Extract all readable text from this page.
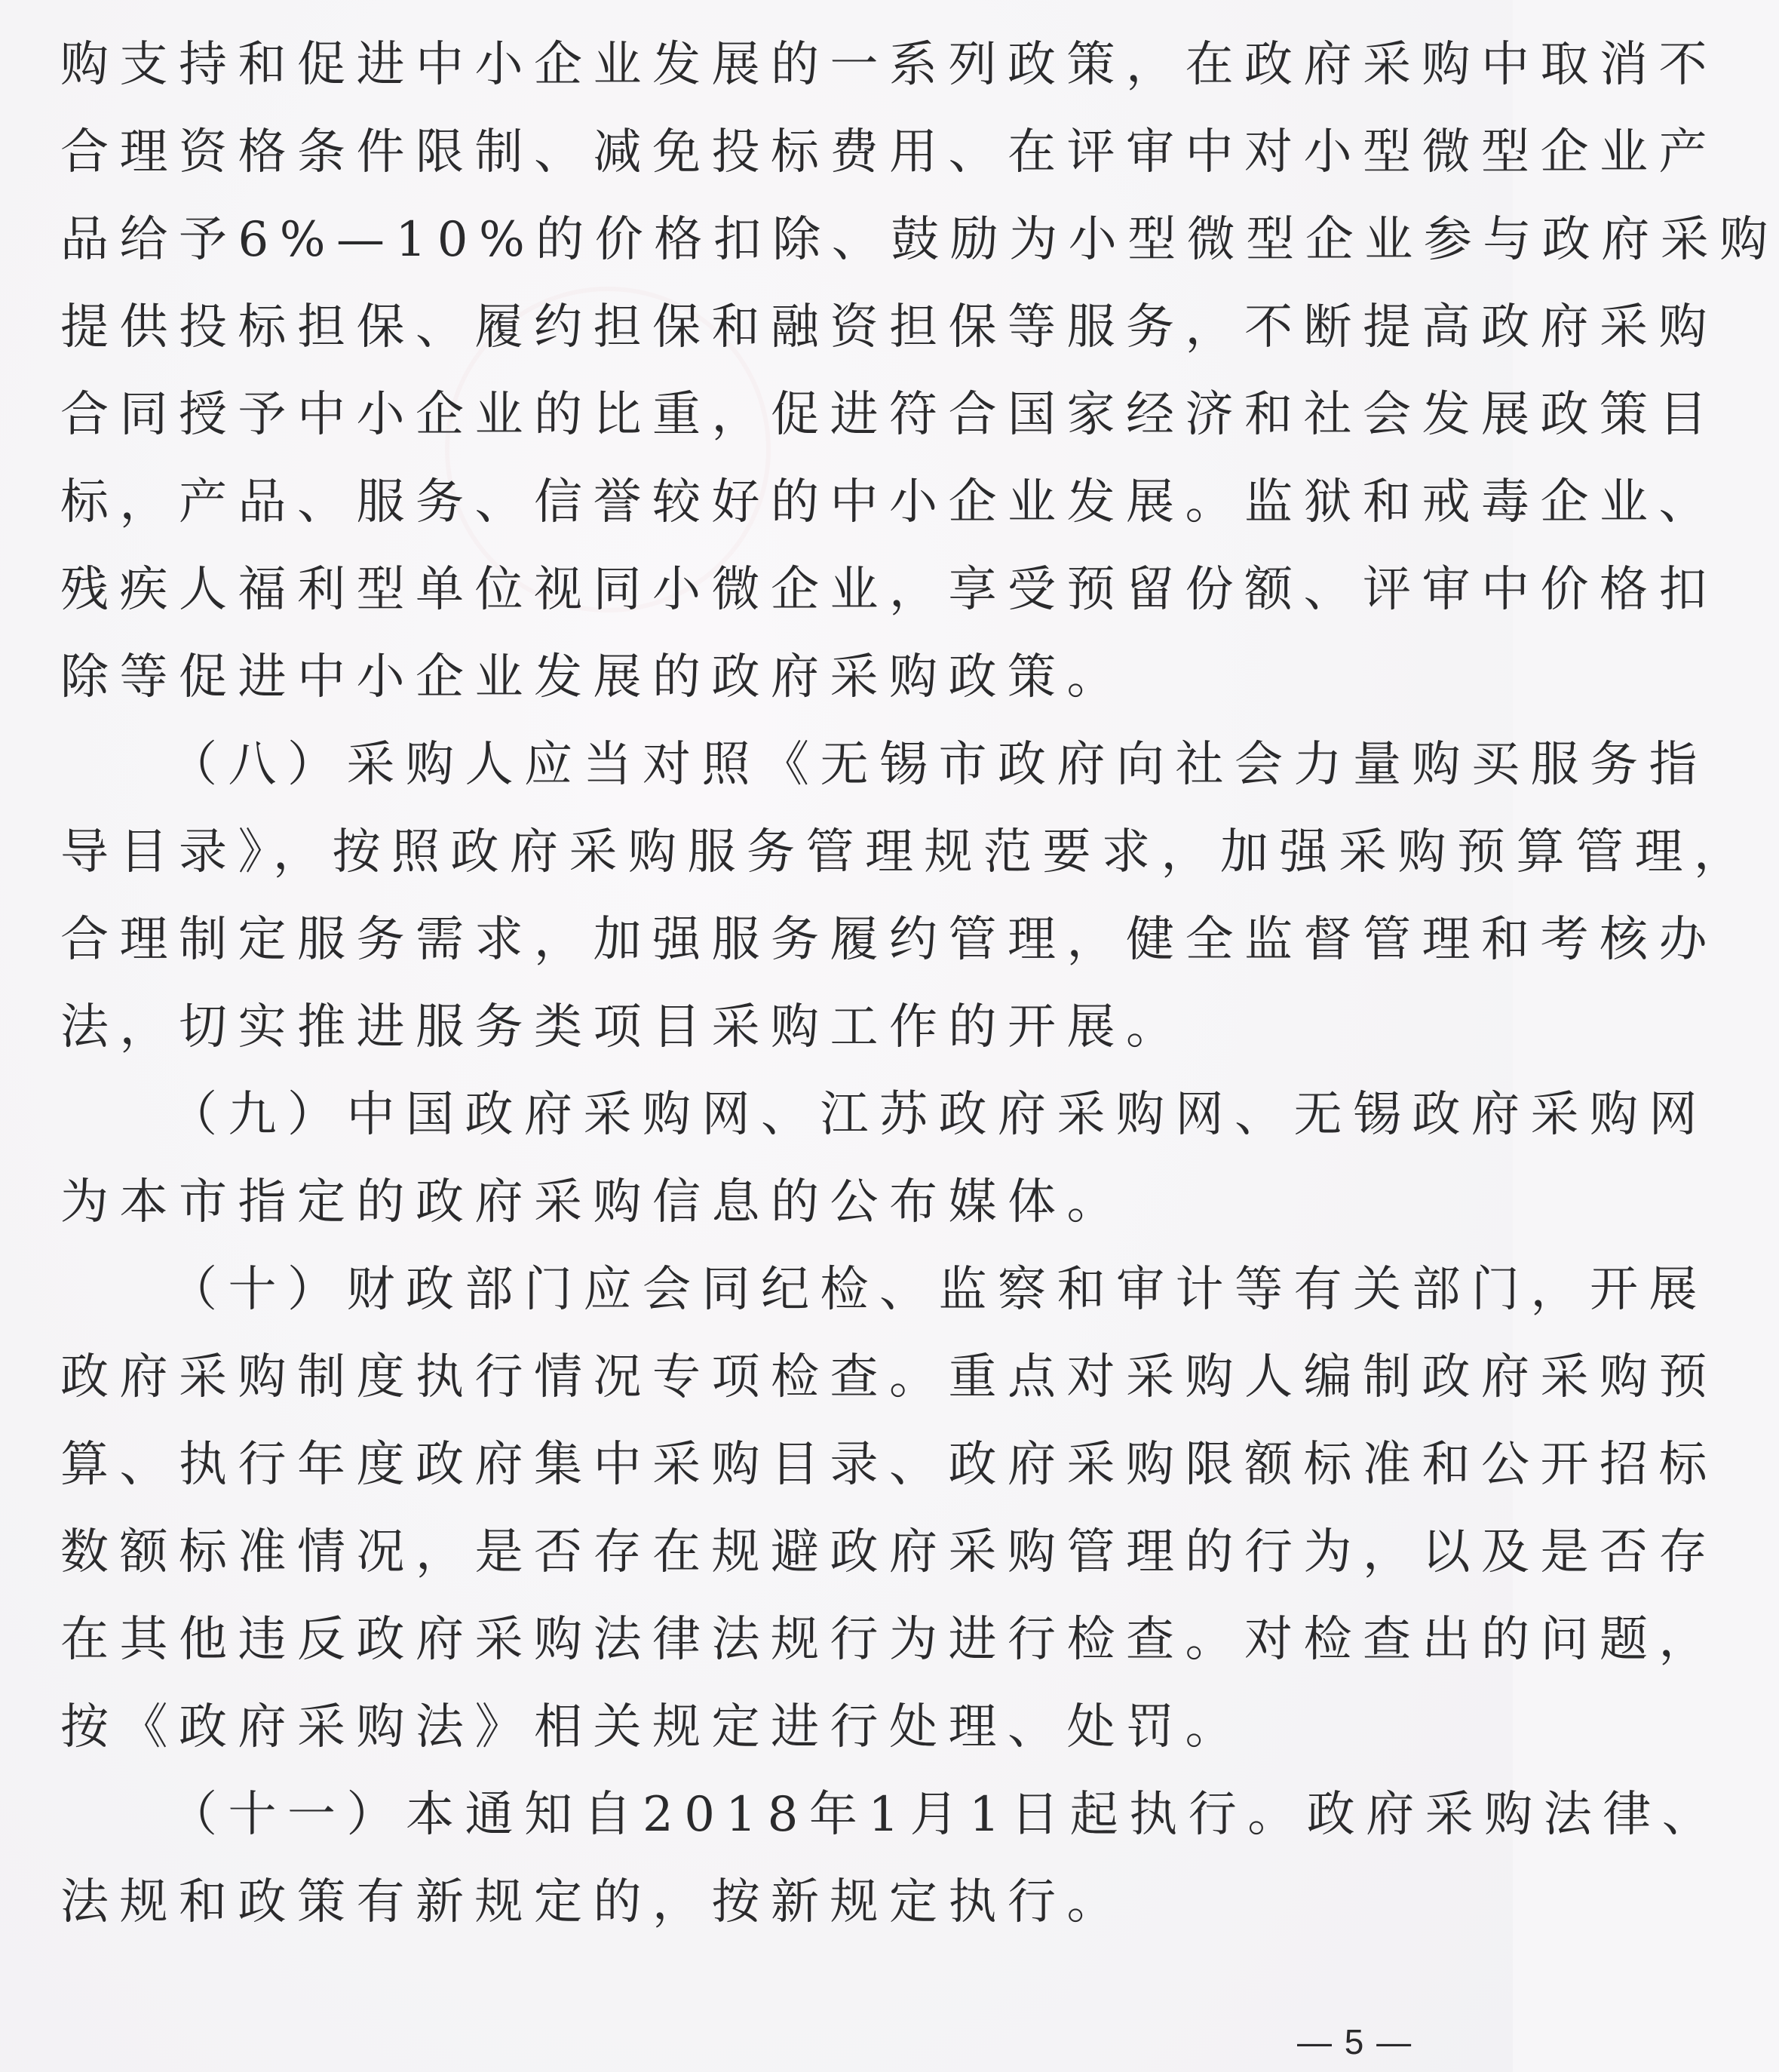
购支持和促进中小企业发展的一系列政策，在政府采购中取消不
合理资格条件限制、减免投标费用、在评审中对小型微型企业产
品给予6%—10%的价格扣除、鼓励为小型微型企业参与政府采购
提供投标担保、履约担保和融资担保等服务，不断提高政府采购
合同授予中小企业的比重，促进符合国家经济和社会发展政策目
标，产品、服务、信誉较好的中小企业发展。监狱和戒毒企业、
残疾人福利型单位视同小微企业，享受预留份额、评审中价格扣
除等促进中小企业发展的政府采购政策。
（八）采购人应当对照《无锡市政府向社会力量购买服务指
导目录》，按照政府采购服务管理规范要求，加强采购预算管理，
合理制定服务需求，加强服务履约管理，健全监督管理和考核办
法，切实推进服务类项目采购工作的开展。
（九）中国政府采购网、江苏政府采购网、无锡政府采购网
为本市指定的政府采购信息的公布媒体。
（十）财政部门应会同纪检、监察和审计等有关部门，开展
政府采购制度执行情况专项检查。重点对采购人编制政府采购预
算、执行年度政府集中采购目录、政府采购限额标准和公开招标
数额标准情况，是否存在规避政府采购管理的行为，以及是否存
在其他违反政府采购法律法规行为进行检查。对检查出的问题，
按《政府采购法》相关规定进行处理、处罚。
（十一）本通知自2018年1月1日起执行。政府采购法律、
法规和政策有新规定的，按新规定执行。
— 5 —
